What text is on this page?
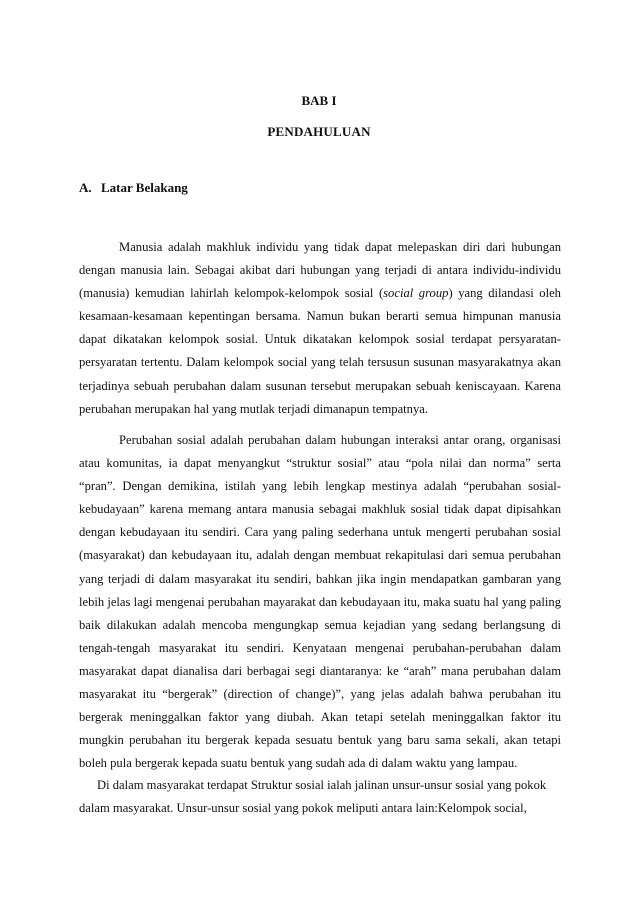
BAB I
PENDAHULUAN
A. Latar Belakang

Manusia adalah makhluk individu yang tidak dapat melepaskan diri dari hubungan dengan manusia lain. Sebagai akibat dari hubungan yang terjadi di antara individu-individu (manusia) kemudian lahirlah kelompok-kelompok sosial (social group) yang dilandasi oleh kesamaan-kesamaan kepentingan bersama. Namun bukan berarti semua himpunan manusia dapat dikatakan kelompok sosial. Untuk dikatakan kelompok sosial terdapat persyaratan-persyaratan tertentu. Dalam kelompok social yang telah tersusun susunan masyarakatnya akan terjadinya sebuah perubahan dalam susunan tersebut merupakan sebuah keniscayaan. Karena perubahan merupakan hal yang mutlak terjadi dimanapun tempatnya.

Perubahan sosial adalah perubahan dalam hubungan interaksi antar orang, organisasi atau komunitas, ia dapat menyangkut “struktur sosial” atau “pola nilai dan norma” serta “pran”. Dengan demikina, istilah yang lebih lengkap mestinya adalah “perubahan sosial-kebudayaan” karena memang antara manusia sebagai makhluk sosial tidak dapat dipisahkan dengan kebudayaan itu sendiri. Cara yang paling sederhana untuk mengerti perubahan sosial (masyarakat) dan kebudayaan itu, adalah dengan membuat rekapitulasi dari semua perubahan yang terjadi di dalam masyarakat itu sendiri, bahkan jika ingin mendapatkan gambaran yang lebih jelas lagi mengenai perubahan mayarakat dan kebudayaan itu, maka suatu hal yang paling baik dilakukan adalah mencoba mengungkap semua kejadian yang sedang berlangsung di tengah-tengah masyarakat itu sendiri. Kenyataan mengenai perubahan-perubahan dalam masyarakat dapat dianalisa dari berbagai segi diantaranya: ke “arah” mana perubahan dalam masyarakat itu “bergerak” (direction of change)”, yang jelas adalah bahwa perubahan itu bergerak meninggalkan faktor yang diubah. Akan tetapi setelah meninggalkan faktor itu mungkin perubahan itu bergerak kepada sesuatu bentuk yang baru sama sekali, akan tetapi boleh pula bergerak kepada suatu bentuk yang sudah ada di dalam waktu yang lampau.

Di dalam masyarakat terdapat Struktur sosial ialah jalinan unsur-unsur sosial yang pokok dalam masyarakat. Unsur-unsur sosial yang pokok meliputi antara lain:Kelompok social,
